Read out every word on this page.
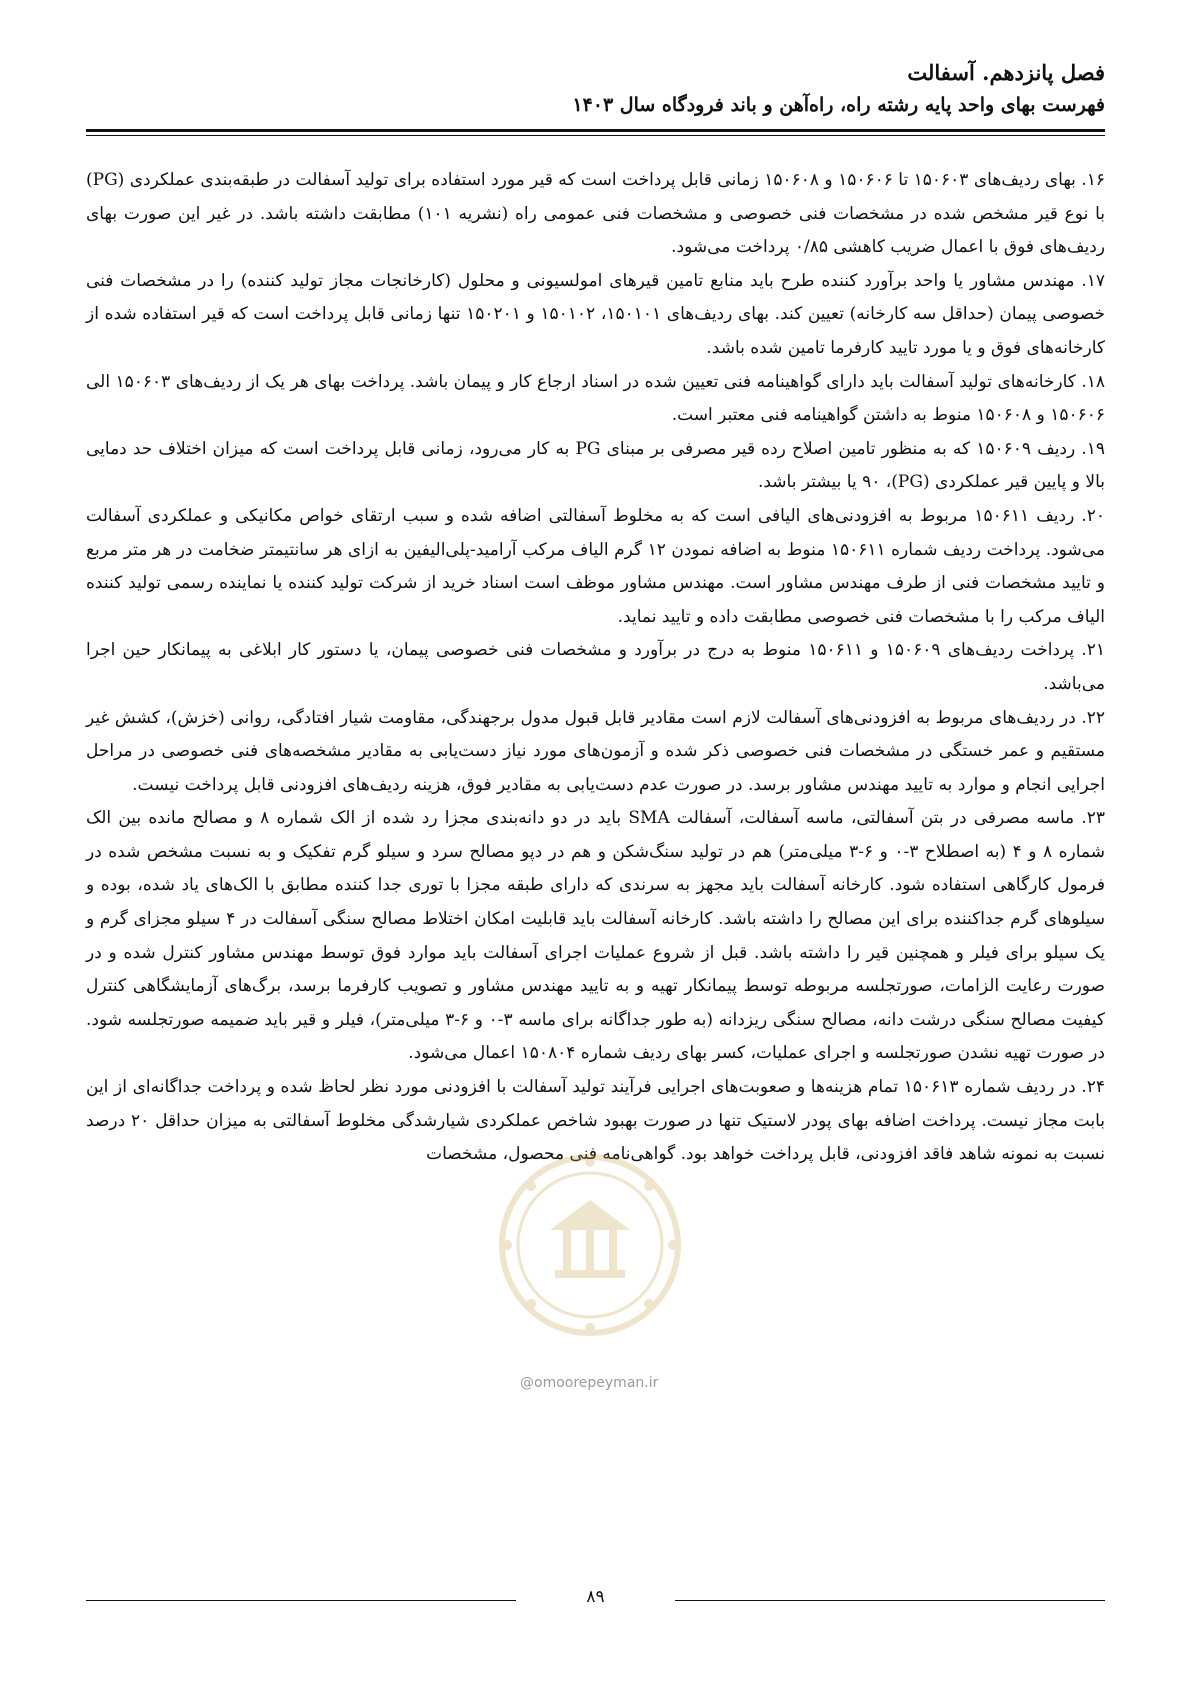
فصل پانزدهم. آسفالت
فهرست بهای واحد پایه رشته راه، راه‌آهن و باند فرودگاه سال ۱۴۰۳

۱۶. بهای ردیف‌های ۱۵۰۶۰۳ تا ۱۵۰۶۰۶ و ۱۵۰۶۰۸ زمانی قابل پرداخت است که قیر مورد استفاده برای تولید آسفالت در طبقه‌بندی عملکردی (PG) با نوع قیر مشخص شده در مشخصات فنی خصوصی و مشخصات فنی عمومی راه (نشریه ۱۰۱) مطابقت داشته باشد. در غیر این صورت بهای ردیف‌های فوق با اعمال ضریب کاهشی ۰/۸۵ پرداخت می‌شود.

۱۷. مهندس مشاور یا واحد برآورد کننده طرح باید منابع تامین قیرهای امولسیونی و محلول (کارخانجات مجاز تولید کننده) را در مشخصات فنی خصوصی پیمان (حداقل سه کارخانه) تعیین کند. بهای ردیف‌های ۱۵۰۱۰۱، ۱۵۰۱۰۲ و ۱۵۰۲۰۱ تنها زمانی قابل پرداخت است که قیر استفاده شده از کارخانه‌های فوق و یا مورد تایید کارفرما تامین شده باشد.

۱۸. کارخانه‌های تولید آسفالت باید دارای گواهینامه فنی تعیین شده در اسناد ارجاع کار و پیمان باشد. پرداخت بهای هر یک از ردیف‌های ۱۵۰۶۰۳ الی ۱۵۰۶۰۶ و ۱۵۰۶۰۸ منوط به داشتن گواهینامه فنی معتبر است.

۱۹. ردیف ۱۵۰۶۰۹ که به منظور تامین اصلاح رده قیر مصرفی بر مبنای PG به کار می‌رود، زمانی قابل پرداخت است که میزان اختلاف حد دمایی بالا و پایین قیر عملکردی (PG)، ۹۰ یا بیشتر باشد.

۲۰. ردیف ۱۵۰۶۱۱ مربوط به افزودنی‌های الیافی است که به مخلوط آسفالتی اضافه شده و سبب ارتقای خواص مکانیکی و عملکردی آسفالت می‌شود. پرداخت ردیف شماره ۱۵۰۶۱۱ منوط به اضافه نمودن ۱۲ گرم الیاف مرکب آرامید-پلی‌الیفین به ازای هر سانتیمتر ضخامت در هر متر مربع و تایید مشخصات فنی از طرف مهندس مشاور است. مهندس مشاور موظف است اسناد خرید از شرکت تولید کننده یا نماینده رسمی تولید کننده الیاف مرکب را با مشخصات فنی خصوصی مطابقت داده و تایید نماید.

۲۱. پرداخت ردیف‌های ۱۵۰۶۰۹ و ۱۵۰۶۱۱ منوط به درج در برآورد و مشخصات فنی خصوصی پیمان، یا دستور کار ابلاغی به پیمانکار حین اجرا می‌باشد.

۲۲. در ردیف‌های مربوط به افزودنی‌های آسفالت لازم است مقادیر قابل قبول مدول برجهندگی، مقاومت شیار افتادگی، روانی (خزش)، کشش غیر مستقیم و عمر خستگی در مشخصات فنی خصوصی ذکر شده و آزمون‌های مورد نیاز دست‌یابی به مقادیر مشخصه‌های فنی خصوصی در مراحل اجرایی انجام و موارد به تایید مهندس مشاور برسد. در صورت عدم دست‌یابی به مقادیر فوق، هزینه ردیف‌های افزودنی قابل پرداخت نیست.

۲۳. ماسه مصرفی در بتن آسفالتی، ماسه آسفالت، آسفالت SMA باید در دو دانه‌بندی مجزا رد شده از الک شماره ۸ و مصالح مانده بین الک شماره ۸ و ۴ (به اصطلاح ۳-۰ و ۶-۳ میلی‌متر) هم در تولید سنگ‌شکن و هم در دپو مصالح سرد و سیلو گرم تفکیک و به نسبت مشخص شده در فرمول کارگاهی استفاده شود. کارخانه آسفالت باید مجهز به سرندی که دارای طبقه مجزا با توری جدا کننده مطابق با الک‌های یاد شده، بوده و سیلوهای گرم جداکننده برای این مصالح را داشته باشد. کارخانه آسفالت باید قابلیت امکان اختلاط مصالح سنگی آسفالت در ۴ سیلو مجزای گرم و یک سیلو برای فیلر و همچنین قیر را داشته باشد. قبل از شروع عملیات اجرای آسفالت باید موارد فوق توسط مهندس مشاور کنترل شده و در صورت رعایت الزامات، صورتجلسه مربوطه توسط پیمانکار تهیه و به تایید مهندس مشاور و تصویب کارفرما برسد، برگ‌های آزمایشگاهی کنترل کیفیت مصالح سنگی درشت دانه، مصالح سنگی ریزدانه (به طور جداگانه برای ماسه ۳-۰ و ۶-۳ میلی‌متر)، فیلر و قیر باید ضمیمه صورتجلسه شود. در صورت تهیه نشدن صورتجلسه و اجرای عملیات، کسر بهای ردیف شماره ۱۵۰۸۰۴ اعمال می‌شود.

۲۴. در ردیف شماره ۱۵۰۶۱۳ تمام هزینه‌ها و صعوبت‌های اجرایی فرآیند تولید آسفالت با افزودنی مورد نظر لحاظ شده و پرداخت جداگانه‌ای از این بابت مجاز نیست. پرداخت اضافه بهای پودر لاستیک تنها در صورت بهبود شاخص عملکردی شیارشدگی مخلوط آسفالتی به میزان حداقل ۲۰ درصد نسبت به نمونه شاهد فاقد افزودنی، قابل پرداخت خواهد بود. گواهی‌نامه فنی محصول، مشخصات

@omoorepeyman.ir
۸۹
